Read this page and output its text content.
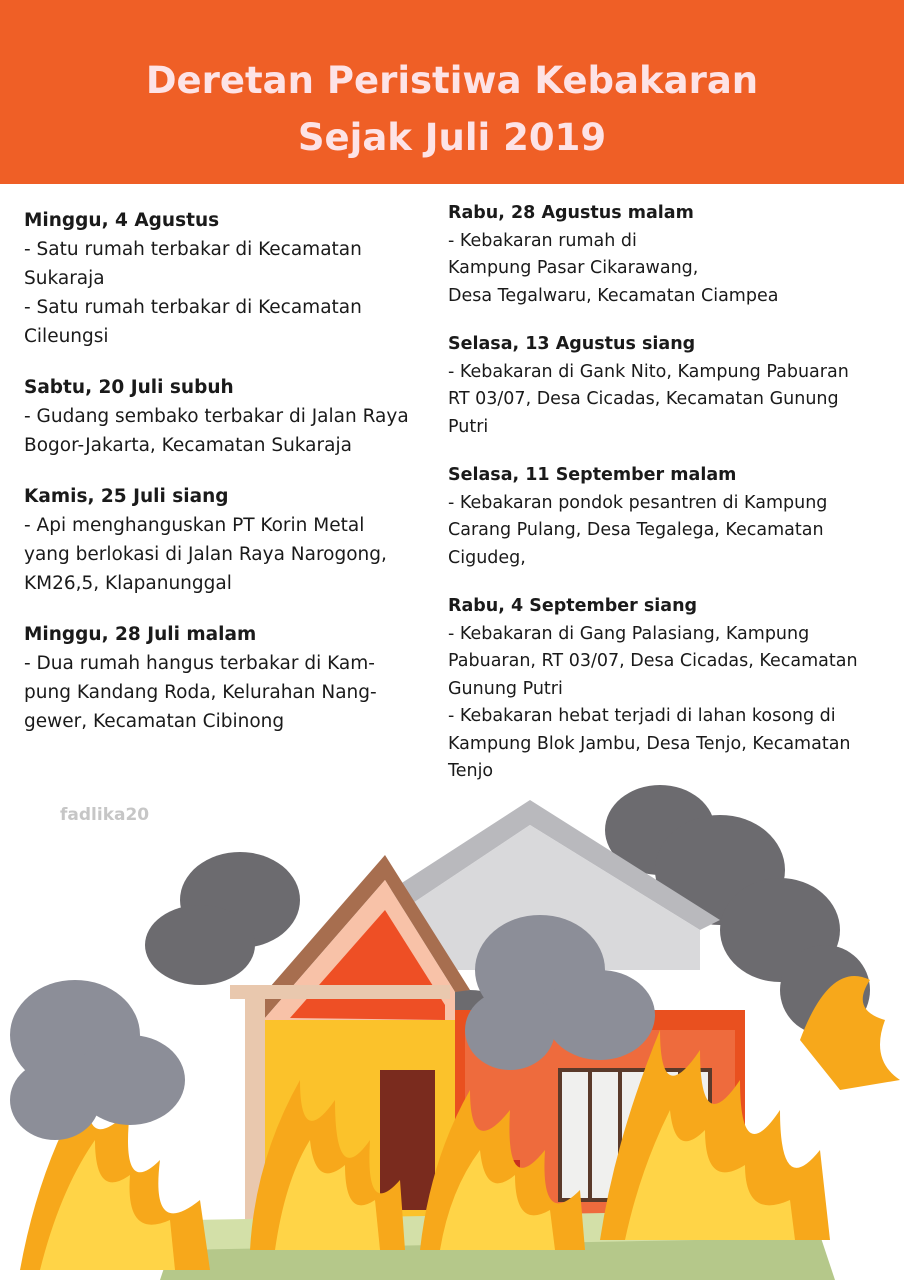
Deretan Peristiwa Kebakaran
Sejak Juli 2019
Minggu, 4 Agustus
- Satu rumah terbakar di Kecamatan
Sukaraja
- Satu rumah terbakar di Kecamatan
Cileungsi
Sabtu, 20 Juli subuh
- Gudang sembako terbakar di Jalan Raya
Bogor-Jakarta, Kecamatan Sukaraja
Kamis, 25 Juli siang
- Api menghanguskan PT Korin Metal
yang berlokasi di Jalan Raya Narogong,
KM26,5, Klapanunggal
Minggu, 28 Juli malam
- Dua rumah hangus terbakar di Kam-
pung Kandang Roda, Kelurahan Nang-
gewer, Kecamatan Cibinong
Rabu, 28 Agustus malam
- Kebakaran rumah di
Kampung Pasar Cikarawang,
Desa Tegalwaru, Kecamatan Ciampea
Selasa, 13 Agustus siang
- Kebakaran di Gank Nito, Kampung Pabuaran
RT 03/07, Desa Cicadas, Kecamatan Gunung
Putri
Selasa, 11 September malam
- Kebakaran pondok pesantren di Kampung
Carang Pulang, Desa Tegalega, Kecamatan
Cigudeg,
Rabu, 4 September siang
- Kebakaran di Gang Palasiang, Kampung
Pabuaran, RT 03/07, Desa Cicadas, Kecamatan
Gunung Putri
- Kebakaran hebat terjadi di lahan kosong di
Kampung Blok Jambu, Desa Tenjo, Kecamatan
Tenjo
fadlika20
